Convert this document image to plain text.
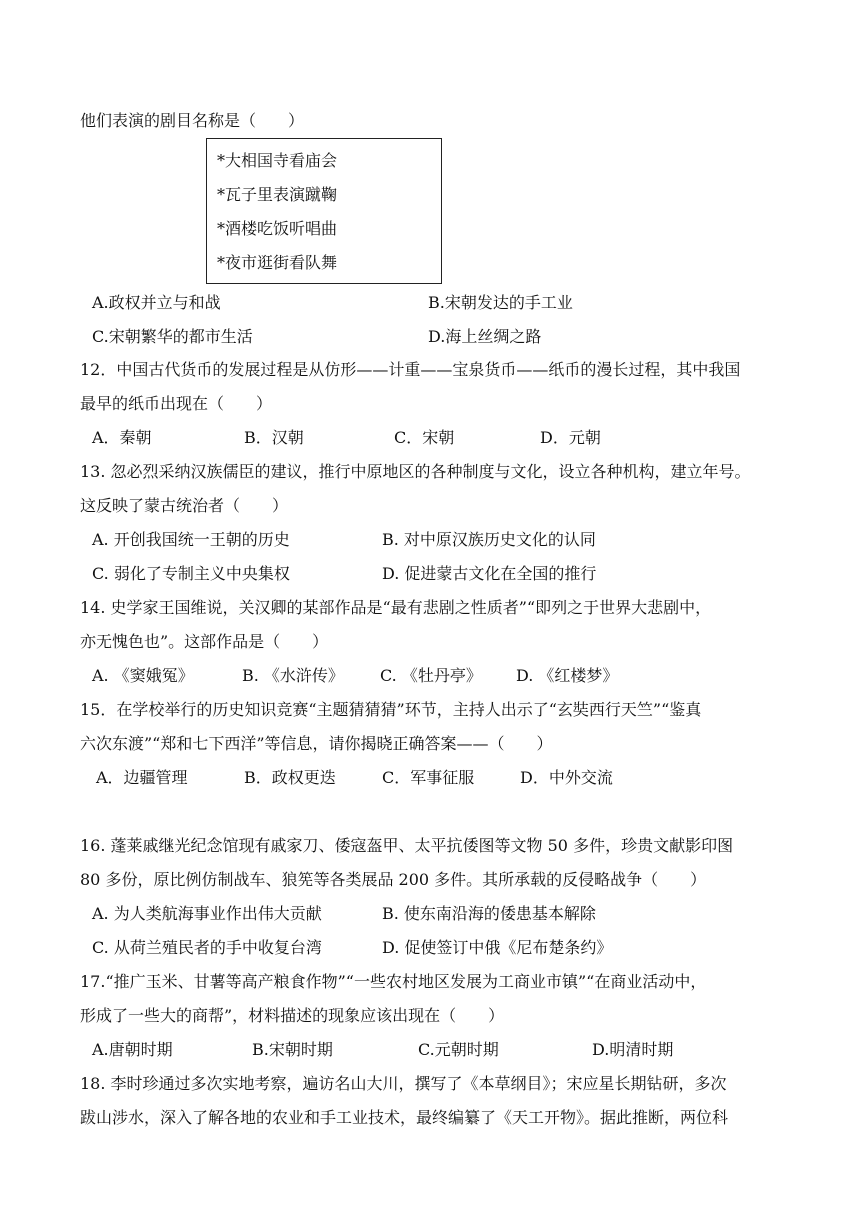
他们表演的剧目名称是（　　）
*大相国寺看庙会
*瓦子里表演蹴鞠
*酒楼吃饭听唱曲
*夜市逛街看队舞
A.政权并立与和战	B.宋朝发达的手工业
C.宋朝繁华的都市生活	D.海上丝绸之路
12．中国古代货币的发展过程是从仿形——计重——宝泉货币——纸币的漫长过程，其中我国
最早的纸币出现在（　　）
A．秦朝	B．汉朝	C．宋朝	D．元朝
13. 忽必烈采纳汉族儒臣的建议，推行中原地区的各种制度与文化，设立各种机构，建立年号。
这反映了蒙古统治者（　　）
A. 开创我国统一王朝的历史	B. 对中原汉族历史文化的认同
C. 弱化了专制主义中央集权	D. 促进蒙古文化在全国的推行
14. 史学家王国维说，关汉卿的某部作品是“最有悲剧之性质者”“即列之于世界大悲剧中，
亦无愧色也”。这部作品是（　　）
A. 《窦娥冤》	B. 《水浒传》 C. 《牡丹亭》 D. 《红楼梦》
15．在学校举行的历史知识竞赛“主题猜猜猜”环节，主持人出示了“玄奘西行天竺”“鉴真
六次东渡”“郑和七下西洋”等信息，请你揭晓正确答案——（　　）
A．边疆管理	B．政权更迭	C．军事征服	D．中外交流
16. 蓬莱戚继光纪念馆现有戚家刀、倭寇盔甲、太平抗倭图等文物 50 多件，珍贵文献影印图
80 多份，原比例仿制战车、狼筅等各类展品 200 多件。其所承载的反侵略战争（　　）
A. 为人类航海事业作出伟大贡献	B. 使东南沿海的倭患基本解除
C. 从荷兰殖民者的手中收复台湾	D. 促使签订中俄《尼布楚条约》
17.“推广玉米、甘薯等高产粮食作物”“一些农村地区发展为工商业市镇”“在商业活动中，
形成了一些大的商帮”，材料描述的现象应该出现在（　　）
A.唐朝时期	B.宋朝时期	C.元朝时期	D.明清时期
18. 李时珍通过多次实地考察，遍访名山大川，撰写了《本草纲目》；宋应星长期钻研，多次
跋山涉水，深入了解各地的农业和手工业技术，最终编纂了《天工开物》。据此推断，两位科
